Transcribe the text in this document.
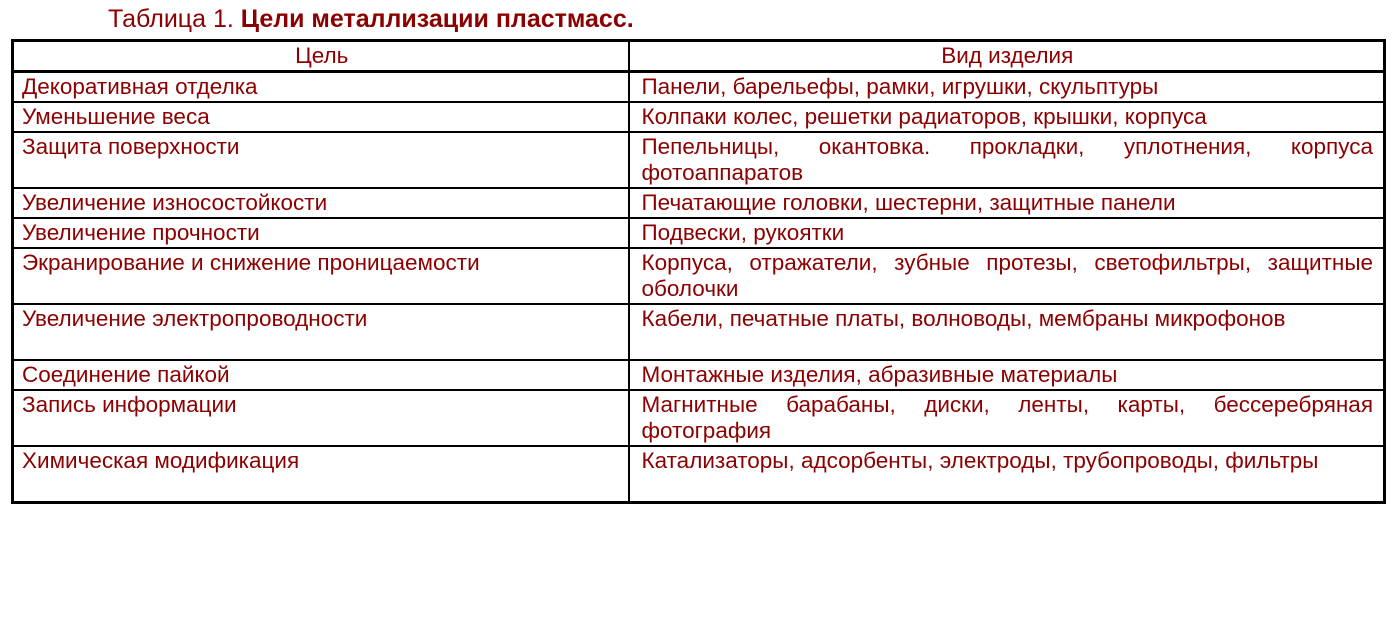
Таблица 1. Цели металлизации пластмасс.
Цель	Вид изделия
Декоративная отделка	Панели, барельефы, рамки, игрушки, скульптуры
Уменьшение веса	Колпаки колес, решетки радиаторов, крышки, корпуса
Защита поверхности	Пепельницы, окантовка. прокладки, уплотнения, корпуса фотоаппаратов
Увеличение износостойкости	Печатающие головки, шестерни, защитные панели
Увеличение прочности	Подвески, рукоятки
Экранирование и снижение проницаемости	Корпуса, отражатели, зубные протезы, светофильтры, защитные оболочки
Увеличение электропроводности	Кабели, печатные платы, волноводы, мембраны микрофонов
Соединение пайкой	Монтажные изделия, абразивные материалы
Запись информации	Магнитные барабаны, диски, ленты, карты, бессеребряная фотография
Химическая модификация	Катализаторы, адсорбенты, электроды, трубопроводы, фильтры
